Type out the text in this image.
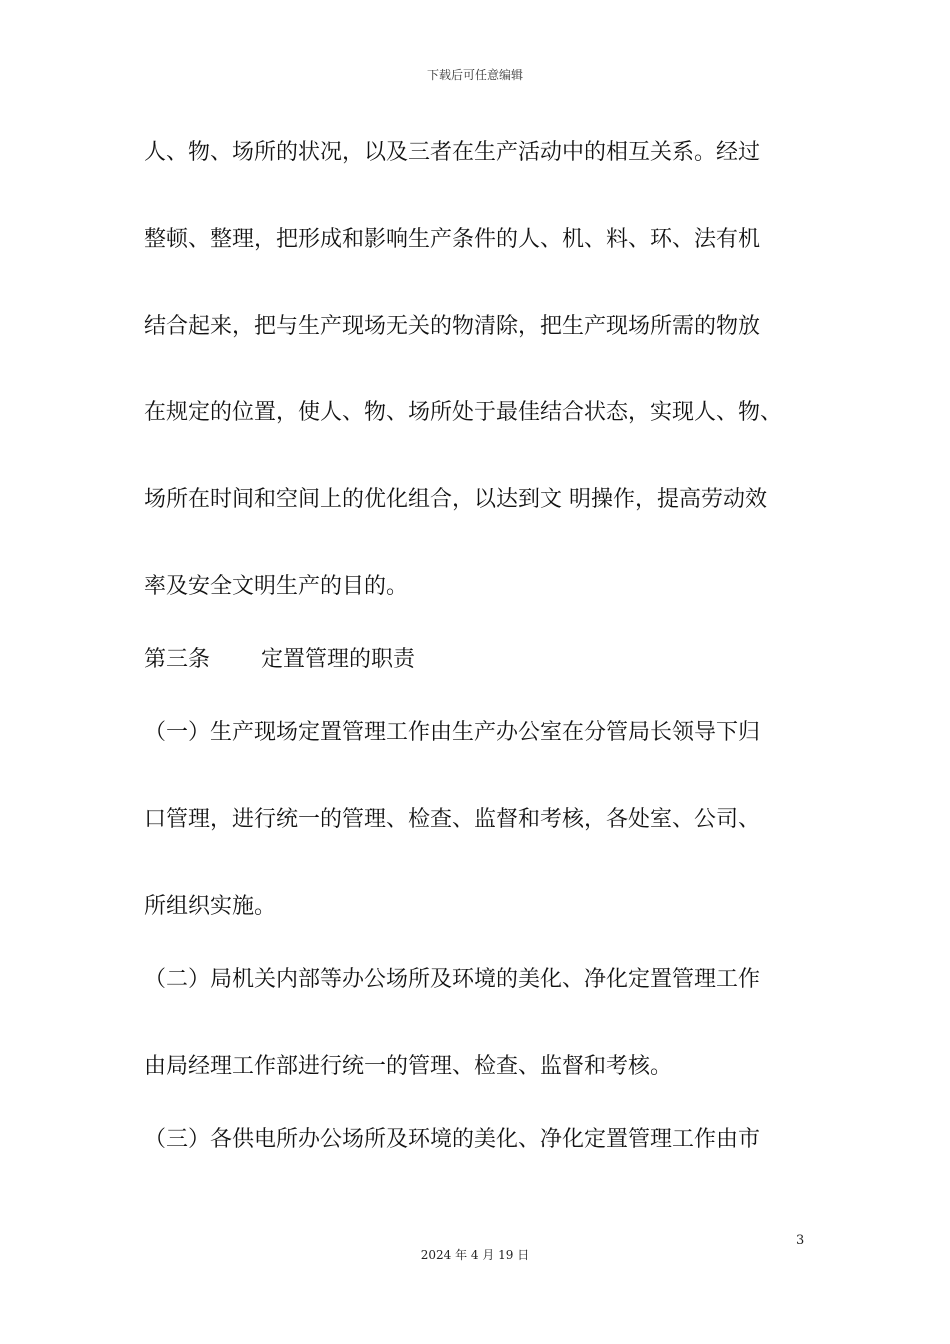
下载后可任意编辑
人、物、场所的状况，以及三者在生产活动中的相互关系。经过
整顿、整理，把形成和影响生产条件的人、机、料、环、法有机
结合起来，把与生产现场无关的物清除，把生产现场所需的物放
在规定的位置，使人、物、场所处于最佳结合状态，实现人、物、
场所在时间和空间上的优化组合，以达到文 明操作，提高劳动效
率及安全文明生产的目的。
第三条 定置管理的职责
（一）生产现场定置管理工作由生产办公室在分管局长领导下归
口管理，进行统一的管理、检查、监督和考核，各处室、公司、
所组织实施。
（二）局机关内部等办公场所及环境的美化、净化定置管理工作
由局经理工作部进行统一的管理、检查、监督和考核。
（三）各供电所办公场所及环境的美化、净化定置管理工作由市
3
2024 年 4 月 19 日
